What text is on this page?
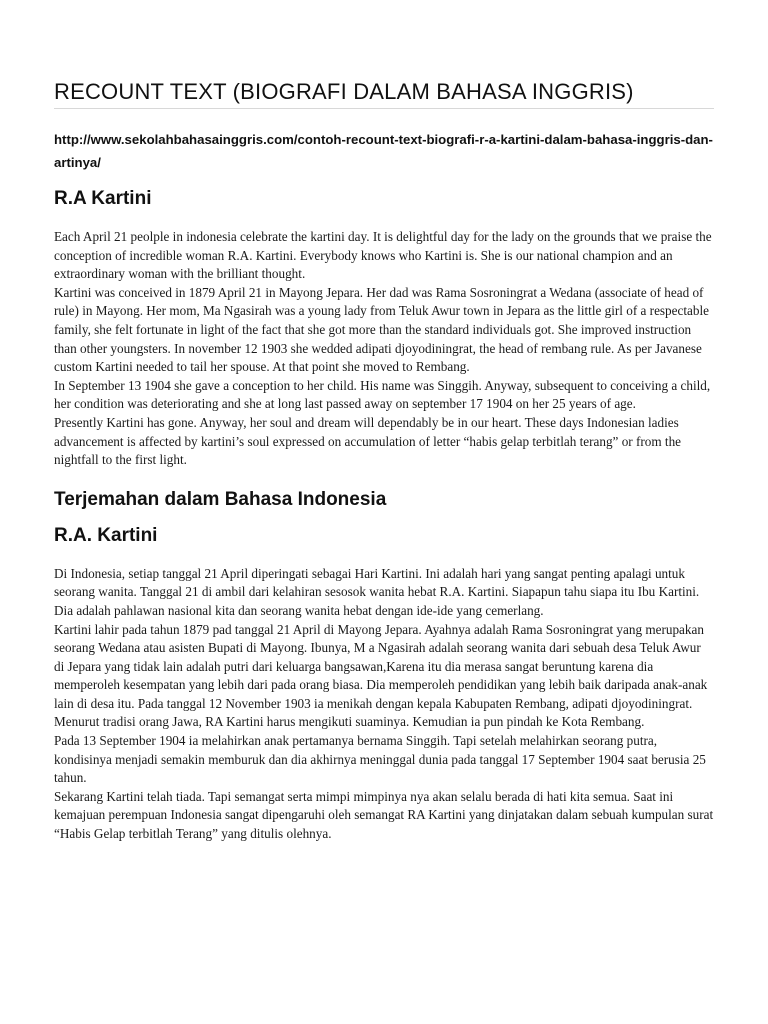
RECOUNT TEXT (BIOGRAFI DALAM BAHASA INGGRIS)

http://www.sekolahbahasainggris.com/contoh-recount-text-biografi-r-a-kartini-dalam-bahasa-inggris-dan-artinya/

R.A Kartini

Each April 21 peolple in indonesia celebrate the kartini day. It is delightful day for the lady on the grounds that we praise the conception of incredible woman R.A. Kartini. Everybody knows who Kartini is. She is our national champion and an extraordinary woman with the brilliant thought.

Kartini was conceived in 1879 April 21 in Mayong Jepara. Her dad was Rama Sosroningrat a Wedana (associate of head of rule) in Mayong. Her mom, Ma Ngasirah was a young lady from Teluk Awur town in Jepara as the little girl of a respectable family, she felt fortunate in light of the fact that she got more than the standard individuals got. She improved instruction than other youngsters. In november 12 1903 she wedded adipati djoyodiningrat, the head of rembang rule. As per Javanese custom Kartini needed to tail her spouse. At that point she moved to Rembang.

In September 13 1904 she gave a conception to her child. His name was Singgih. Anyway, subsequent to conceiving a child, her condition was deteriorating and she at long last passed away on september 17 1904 on her 25 years of age.

Presently Kartini has gone. Anyway, her soul and dream will dependably be in our heart. These days Indonesian ladies advancement is affected by kartini’s soul expressed on accumulation of letter “habis gelap terbitlah terang” or from the nightfall to the first light.

Terjemahan dalam Bahasa Indonesia
R.A. Kartini

Di Indonesia, setiap tanggal 21 April diperingati sebagai Hari Kartini. Ini adalah hari yang sangat penting apalagi untuk seorang wanita. Tanggal 21 di ambil dari kelahiran sesosok wanita hebat R.A. Kartini. Siapapun tahu siapa itu Ibu Kartini. Dia adalah pahlawan nasional kita dan seorang wanita hebat dengan ide-ide yang cemerlang.

Kartini lahir pada tahun 1879 pad tanggal 21 April di Mayong Jepara. Ayahnya adalah Rama Sosroningrat yang merupakan seorang Wedana atau asisten Bupati di Mayong. Ibunya, M a Ngasirah adalah seorang wanita dari sebuah desa Teluk Awur di Jepara yang tidak lain adalah putri dari keluarga bangsawan,Karena itu dia merasa sangat beruntung karena dia memperoleh kesempatan yang lebih dari pada orang biasa. Dia memperoleh pendidikan yang lebih baik daripada anak-anak lain di desa itu. Pada tanggal 12 November 1903 ia menikah dengan kepala Kabupaten Rembang, adipati djoyodiningrat. Menurut tradisi orang Jawa, RA Kartini harus mengikuti suaminya. Kemudian ia pun pindah ke Kota Rembang.

Pada 13 September 1904 ia melahirkan anak pertamanya bernama Singgih. Tapi setelah melahirkan seorang putra, kondisinya menjadi semakin memburuk dan dia akhirnya meninggal dunia pada tanggal 17 September 1904 saat berusia 25 tahun.

Sekarang Kartini telah tiada. Tapi semangat serta mimpi mimpinya nya akan selalu berada di hati kita semua. Saat ini kemajuan perempuan Indonesia sangat dipengaruhi oleh semangat RA Kartini yang dinjatakan dalam sebuah kumpulan surat “Habis Gelap terbitlah Terang” yang ditulis olehnya.
